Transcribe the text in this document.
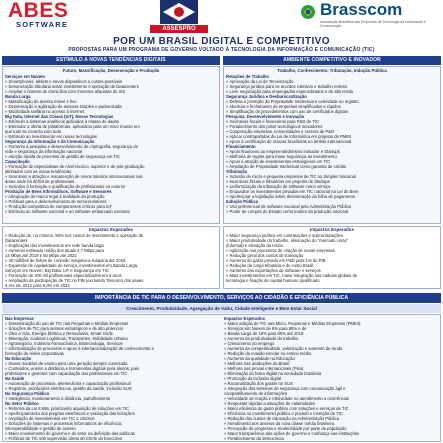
ABES
SOFTWARE	ASSESPRO
Brasscom
Associação Brasileira das Empresas de Tecnologia da Informação e Comunicação
POR UM BRASIL DIGITAL E COMPETITIVO
PROPOSTAS PARA UM PROGRAMA DE GOVERNO VOLTADO À TECNOLOGIA DA INFORMAÇÃO E COMUNICAÇÃO (TIC)
ESTÍMULO A NOVAS TENDÊNCIAS DIGITAIS
Futuro, Massificação, Desoneração e Produção
Serviços em Nuvem
» Smartphones, tablets e novos dispositivos a custos possíveis
» Desoneração tributária sobre investimento e operação de Datacenters
» Ampliar o número de domicílios com menores alíquotas de ISS
Banda Larga
» Massificação do acesso móvel e fixo
» Desoneração e agilização de antenas simples e padronizada
» Modicidade tarifária no acesso à Internet
Big Data, Internet das Coisas (IoT), Novas Tecnologias
» Estímulo a sistemas analíticos aplicados à massa de dados
» Estimular a oferta de plataformas, aplicativos para um novo mundo em
que tudo se conecta com tudo
» Estímulo ao investimento em novas tecnologias
Segurança da Informação e da Comunicação
» Fomento à pesquisa e desenvolvimento de criptografia, segurança de
rede e segurança da informação nacional
» Adoção rápida de processo de gestão de segurança em TIC
Capacitação
» Formação de especialistas de nível técnico, superior e de pós-graduação
alinhados com as novas tendências
» Incentivos a atração e manutenção de novos talentos internacionais nas
áreas onde há déficit de profissionais
» Incentivo à formação e qualificação de profissionais no exterior
Produção de Bens Informáticos, Software e Sensores
» Adequação do marco legal à realidade da produção
» Políticas para o desenvolvimento de semicondutores
» Produção competitiva de componentes críticos para IoT
» Estímulo ao software nacional e ao software embarcado nacional
Impactos Esperados
» Redução de, no mínimo, 50% nos custos de investimento e operação de
Datacenters
» Duplicação dos investimentos em rede banda larga
» Aumento estimado médio dos atuais 2,7 Mbps para
14 Mbps até 2018 e 50 Mbps até 2022
» 40 milhões de linhas de conexão máquina-a-máquina até 2019
» Expansão de capilaridade do serviço, investimentos em Banda Larga,
Serviços em Nuvem, Big Data, IoT e Segurança em TIC
» Formação de 200 mil profissionais especializados em 5 anos
» Ampliação da participação de TIC no PIB (excluindo Telecom) dos atuais
4,4% em 2012 para 6,0% em 2022
AMBIENTE COMPETITIVO E INOVADOR
Trabalho, Conhecimento, Tributação, Indução Pública
Relações de Trabalho
» Aprovação da Lei de Terceirização
» Segurança jurídica para os acordos coletivos e trabalho remoto
» Livre negociação para empregados especializados e de alta renda
Segurança Jurídica e Desburocratização
» Defesa e proteção da Propriedade Intelectual e celeridade no registro
» Abertura e fechamento de empresas simplificados e rápidos
» Simplificação de procedimentos com uso de certificados digitais
Pesquisa, Desenvolvimento e Inovação
» Incentivos fiscais e financeiros para P&D de TIC
» Fortalecimento dos polos tecnológicos inovadores
» Cooperação empresas, universidades e centros de P&D
» Aplicar contrapartidas da Lei de Informática em projetos de PMEs
» Apoio à certificação de marcas brasileiras no âmbito internacional
Financiamento
» Apoio financeiro ao empreendedorismo inovador e Startups
» Melhoria de regras para maior segurança ao investimento
» Apoio à atração de investimentos estrangeiros em TIC
» Ampliação de Propriedade Intelectual como garantia de crédito
Tributação
» Inclusão de micro e pequena empresas de TIC no Simples Nacional
» Incentivos fiscais e tributários em projetos de Startups
» Uniformização da tributação de software como serviço
» Enquadrar os investimentos privados em TIC nacional na Lei do Bem
» Aperfeiçoar a legislação sobre desoneração da folha de pagamento
Indução Pública
» Uso preferencial de software nacional pela Administração Pública
» Poder de compra do Estado como indutor da produção nacional
Impactos Esperados
» Maior segurança jurídica em contratações e subcontratações
» Maior produtividade do trabalho, eliminação do "mercado cinza"
(informal) e elevação da renda
» Agilização nos processos de criação de novas empresas
» Redução geral dos custos de transação
» Aumento do gasto privado em P&D para 1% do PIB
» Redução da carga tributária e do custo Brasil
» Aumento das exportações de software e serviços
» Mais investimentos em TIC, maior integração nas cadeias globais de
tecnologia e fixação de capital humano qualificado
IMPORTÂNCIA DE TIC PARA O DESENVOLVIMENTO, SERVIÇOS AO CIDADÃO E EFICIÊNCIA PÚBLICA
Crescimento, Produtividade, Agregação de Valor, Cidade Inteligente e Bem Estar Social
Nas Empresas
» Disseminação do uso de TIC nas Pequenas e Médias Empresas
» Soluções de TIC para setores estratégicos e de alto potencial
» Óleo e Gás, Energia Elétrica e Renováveis, Smart Grids
» Mineração, Cadeias Logísticas, Transportes, Mobilidade Urbana
» Agronegócio, Indústria Farmacêutica, Biotecnologia, Serviços
» Informatização de processos e apoio à internacionalização de conhecimento e
formação de redes corporativas
Na Educação
» Novos modelos de ensino para uma geração sempre conectada
» Conteúdos, ensino a distância e ferramentas digitais para alunos, pais,
professores e gestores com capacitação dos profissionais em TIC
Na Saúde
» Automação de processos, telemedicina e capacitação profissional
» Registros, prontuários eletrônicos, gestão da saúde, inclusão SUS
Na Segurança Pública
» Inteligência, monitoramento à distância, patrulhamento
No Setor Público
» Reforma da Lei 8.666, priorizando aquisição de soluções em TIC
» Aperfeiçoamento dos pregões eletrônicos e valoração das licitações
» Ampliação de investimentos em TIC e critérios
» Soluções de sistemas e processos informáticos de eficiência,
interoperabilidade e gestão de acesso
» Maior envolvimento do governo e do setor na definição das políticas
» Políticas de TIC sob supervisão direta do Chefe do Executivo
Impactos Esperados
» Maior adoção de TIC nas Micro, Pequenas e Médias Empresas (PMEs):
» Serviços em Nuvem de 8% para 85% e de
» Banda Larga de 19% para 86% até 2018
» Aumento da produtividade do trabalho
» Crescimento do emprego
» Aumento da competitividade, valorização e aumento de renda
» Redução da evasão escolar no ensino médio
» Aumento da qualidade na Educação
» Melhora nas avaliações do Brasil
» Melhora nas provas internacionais (Pisa)
» Eliminação do fosso digital na sociedade brasileira
» Promoção da inclusão digital
» Racionalização dos gastos no SUS
» Integração dos sistemas de segurança com comunicação ágil e
compartilhamento de informações
» Velocidade de reação e efetividade no atendimento a ocorrências
» Respostas rápidas a situações de calamidades
» Maior eficiência do gasto público com soluções e serviços de TIC
» Eficiência no investimento público e privado e inserção de TIC
» Redução dos custos de transação na Administração Pública
» Atendimento aos anseios da nova classe média brasileira
» Percepção de progresso e modernidade por parte da população
» Maior transparência das ações de governo e confiança nas instituições
» Fortalecimento da democracia
